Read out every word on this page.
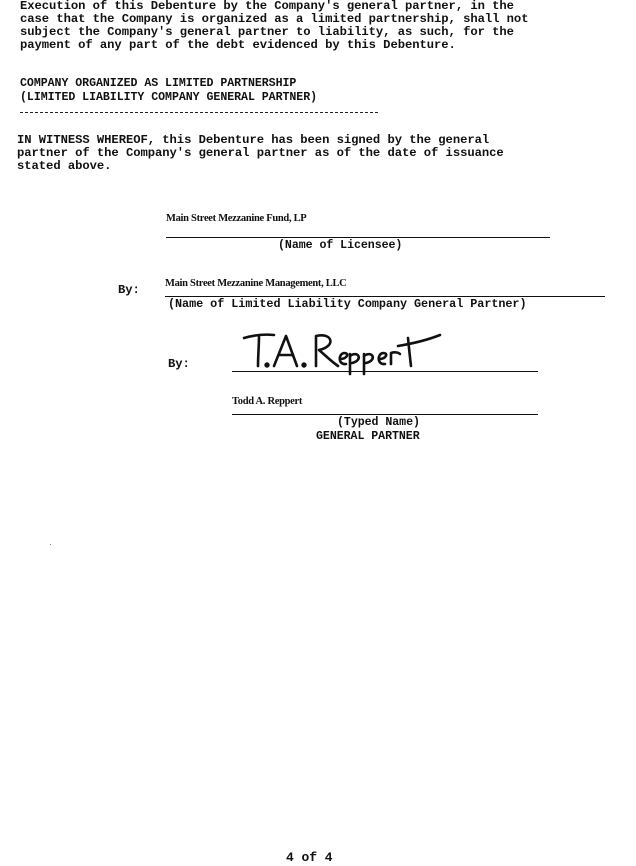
Execution of this Debenture by the Company's general partner, in the
case that the Company is organized as a limited partnership, shall not
subject the Company's general partner to liability, as such, for the
payment of any part of the debt evidenced by this Debenture.
COMPANY ORGANIZED AS LIMITED PARTNERSHIP
(LIMITED LIABILITY COMPANY GENERAL PARTNER)
IN WITNESS WHEREOF, this Debenture has been signed by the general
partner of the Company's general partner as of the date of issuance
stated above.
Main Street Mezzanine Fund, LP
(Name of Licensee)
By: Main Street Mezzanine Management, LLC
(Name of Limited Liability Company General Partner)
By:
Todd A. Reppert
(Typed Name)
GENERAL PARTNER
4 of 4
